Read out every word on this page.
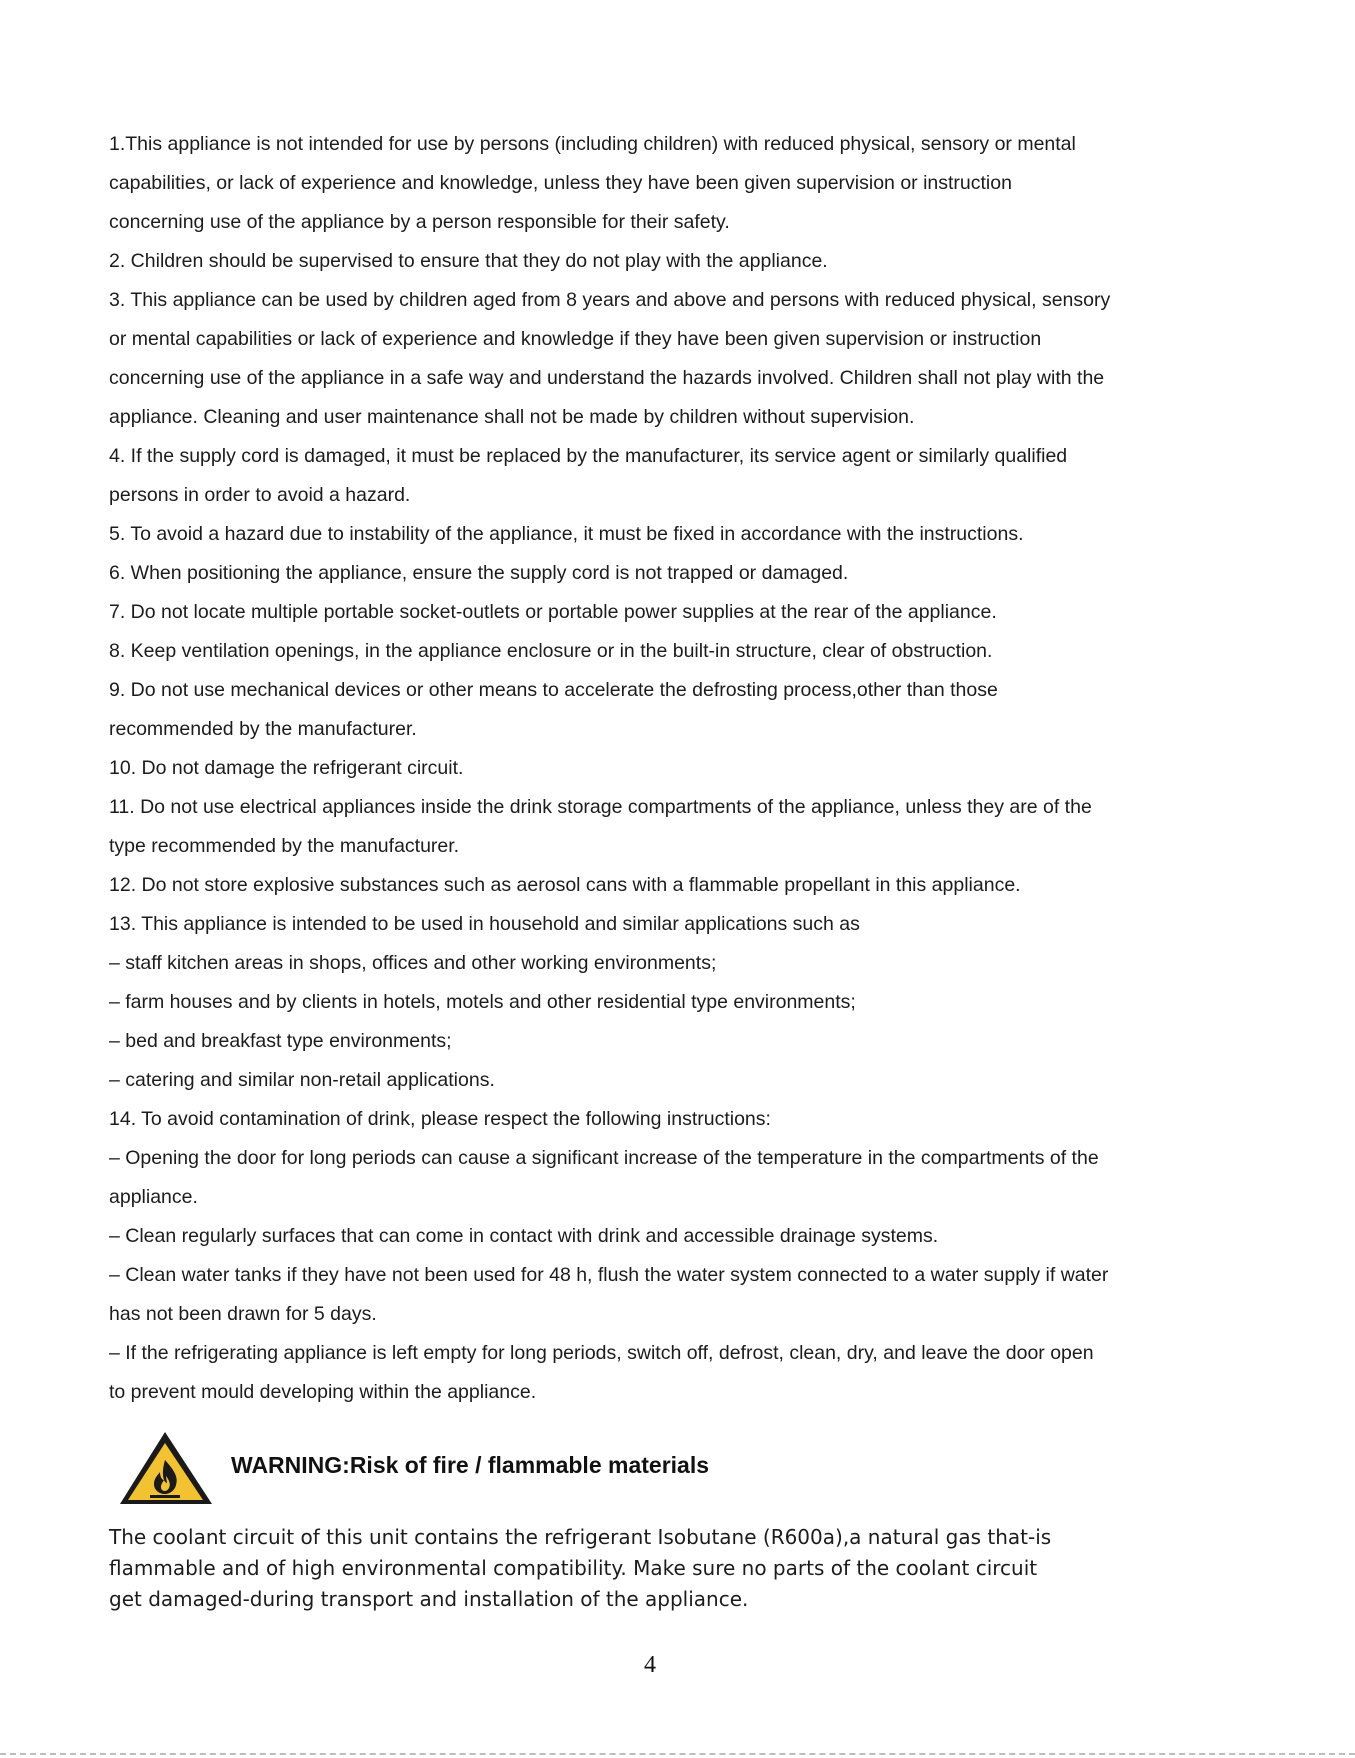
1.This appliance is not intended for use by persons (including children) with reduced physical, sensory or mental
capabilities, or lack of experience and knowledge, unless they have been given supervision or instruction
concerning use of the appliance by a person responsible for their safety.
2. Children should be supervised to ensure that they do not play with the appliance.
3. This appliance can be used by children aged from 8 years and above and persons with reduced physical, sensory
or mental capabilities or lack of experience and knowledge if they have been given supervision or instruction
concerning use of the appliance in a safe way and understand the hazards involved. Children shall not play with the
appliance. Cleaning and user maintenance shall not be made by children without supervision.
4. If the supply cord is damaged, it must be replaced by the manufacturer, its service agent or similarly qualified
persons in order to avoid a hazard.
5. To avoid a hazard due to instability of the appliance, it must be fixed in accordance with the instructions.
6. When positioning the appliance, ensure the supply cord is not trapped or damaged.
7. Do not locate multiple portable socket-outlets or portable power supplies at the rear of the appliance.
8. Keep ventilation openings, in the appliance enclosure or in the built-in structure, clear of obstruction.
9. Do not use mechanical devices or other means to accelerate the defrosting process,other than those
recommended by the manufacturer.
10. Do not damage the refrigerant circuit.
11. Do not use electrical appliances inside the drink storage compartments of the appliance, unless they are of the
type recommended by the manufacturer.
12. Do not store explosive substances such as aerosol cans with a flammable propellant in this appliance.
13. This appliance is intended to be used in household and similar applications such as
– staff kitchen areas in shops, offices and other working environments;
– farm houses and by clients in hotels, motels and other residential type environments;
– bed and breakfast type environments;
– catering and similar non-retail applications.
14. To avoid contamination of drink, please respect the following instructions:
– Opening the door for long periods can cause a significant increase of the temperature in the compartments of the
appliance.
– Clean regularly surfaces that can come in contact with drink and accessible drainage systems.
– Clean water tanks if they have not been used for 48 h, flush the water system connected to a water supply if water
has not been drawn for 5 days.
– If the refrigerating appliance is left empty for long periods, switch off, defrost, clean, dry, and leave the door open
to prevent mould developing within the appliance.
WARNING:Risk of fire / flammable materials
The coolant circuit of this unit contains the refrigerant Isobutane (R600a),a natural gas that-is
flammable and of high environmental compatibility. Make sure no parts of the coolant circuit
get damaged-during transport and installation of the appliance.
4
